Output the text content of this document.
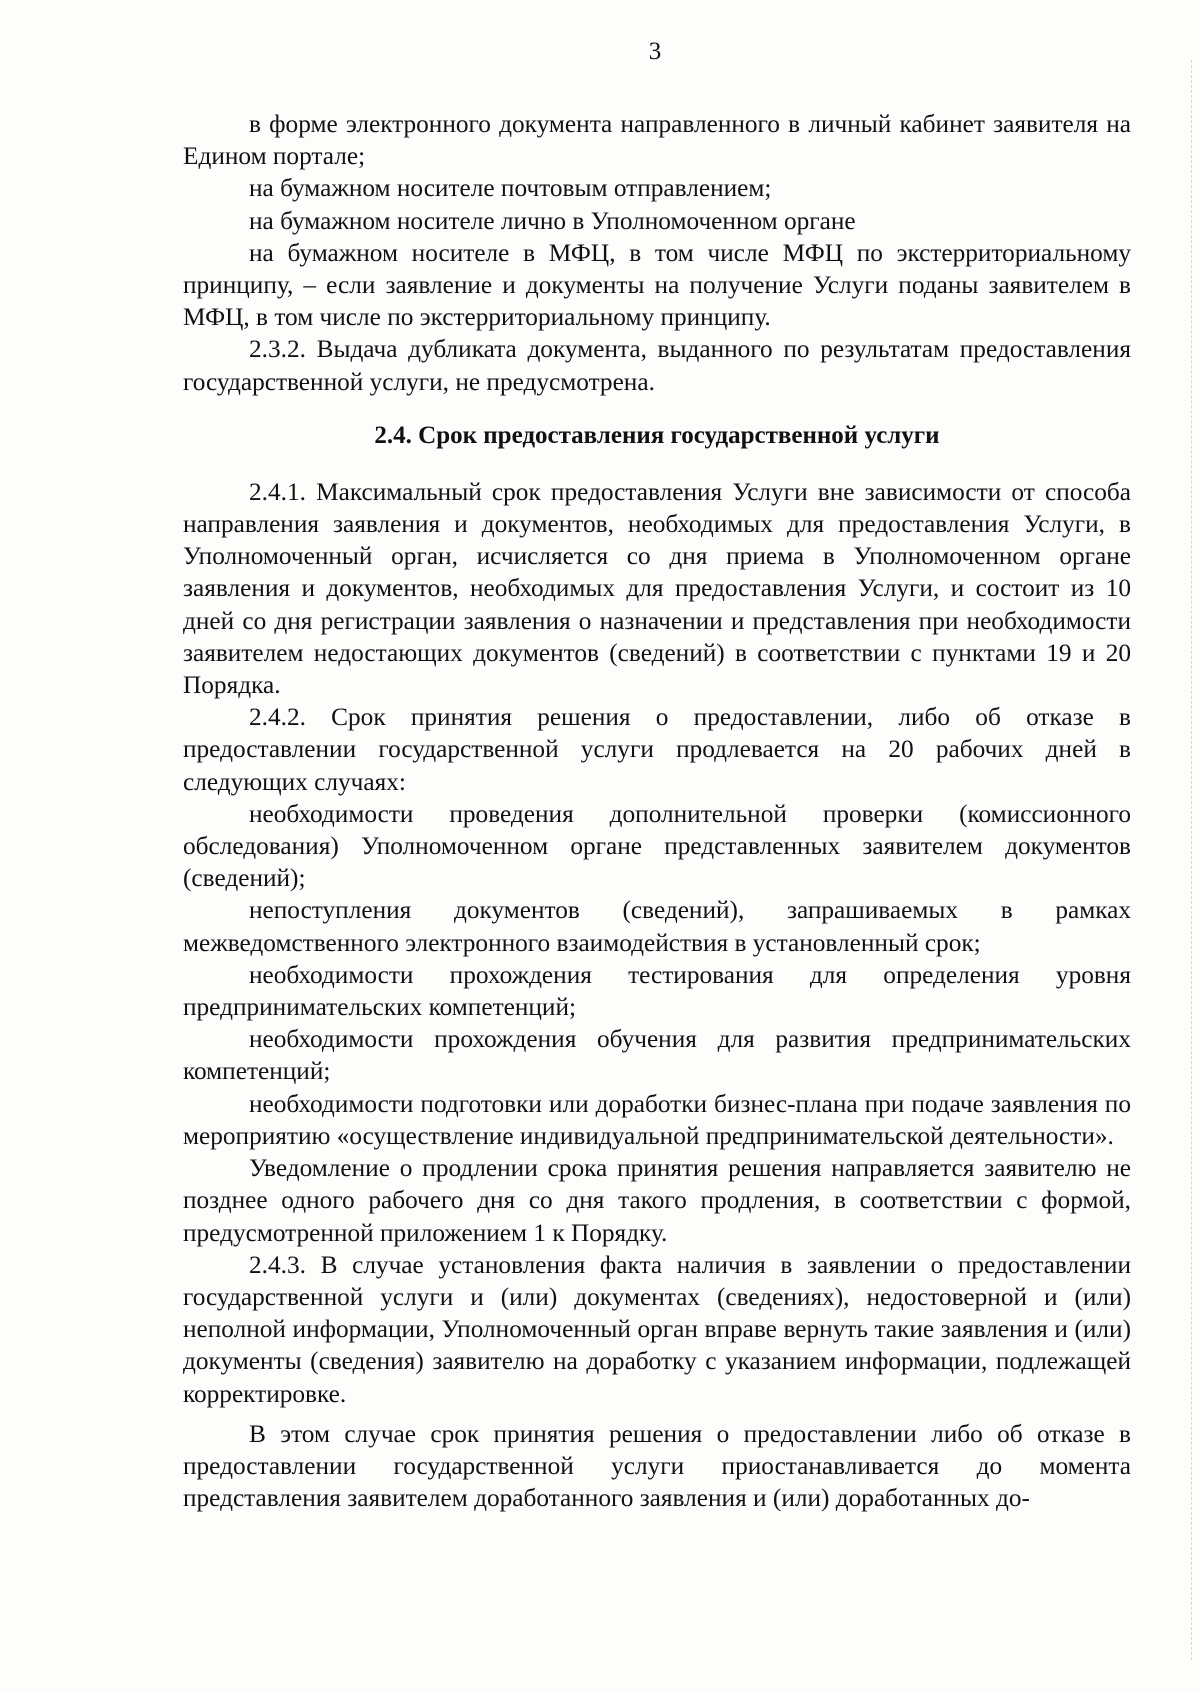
3

в форме электронного документа направленного в личный кабинет заявителя на Едином портале;

на бумажном носителе почтовым отправлением;

на бумажном носителе лично в Уполномоченном органе

на бумажном носителе в МФЦ, в том числе МФЦ по экстерриториальному принципу, – если заявление и документы на получение Услуги поданы заявителем в МФЦ, в том числе по экстерриториальному принципу.

2.3.2. Выдача дубликата документа, выданного по результатам предоставления государственной услуги, не предусмотрена.

2.4. Срок предоставления государственной услуги

2.4.1. Максимальный срок предоставления Услуги вне зависимости от способа направления заявления и документов, необходимых для предоставления Услуги, в Уполномоченный орган, исчисляется со дня приема в Уполномоченном органе заявления и документов, необходимых для предоставления Услуги, и состоит из 10 дней со дня регистрации заявления о назначении и представления при необходимости заявителем недостающих документов (сведений) в соответствии с пунктами 19 и 20 Порядка.

2.4.2. Срок принятия решения о предоставлении, либо об отказе в предоставлении государственной услуги продлевается на 20 рабочих дней в следующих случаях:

необходимости проведения дополнительной проверки (комиссионного обследования) Уполномоченном органе представленных заявителем документов (сведений);

непоступления документов (сведений), запрашиваемых в рамках межведомственного электронного взаимодействия в установленный срок;

необходимости прохождения тестирования для определения уровня предпринимательских компетенций;

необходимости прохождения обучения для развития предпринимательских компетенций;

необходимости подготовки или доработки бизнес-плана при подаче заявления по мероприятию «осуществление индивидуальной предпринимательской деятельности».

Уведомление о продлении срока принятия решения направляется заявителю не позднее одного рабочего дня со дня такого продления, в соответствии с формой, предусмотренной приложением 1 к Порядку.

2.4.3. В случае установления факта наличия в заявлении о предоставлении государственной услуги и (или) документах (сведениях), недостоверной и (или) неполной информации, Уполномоченный орган вправе вернуть такие заявления и (или) документы (сведения) заявителю на доработку с указанием информации, подлежащей корректировке.

В этом случае срок принятия решения о предоставлении либо об отказе в предоставлении государственной услуги приостанавливается до момента представления заявителем доработанного заявления и (или) доработанных до-
